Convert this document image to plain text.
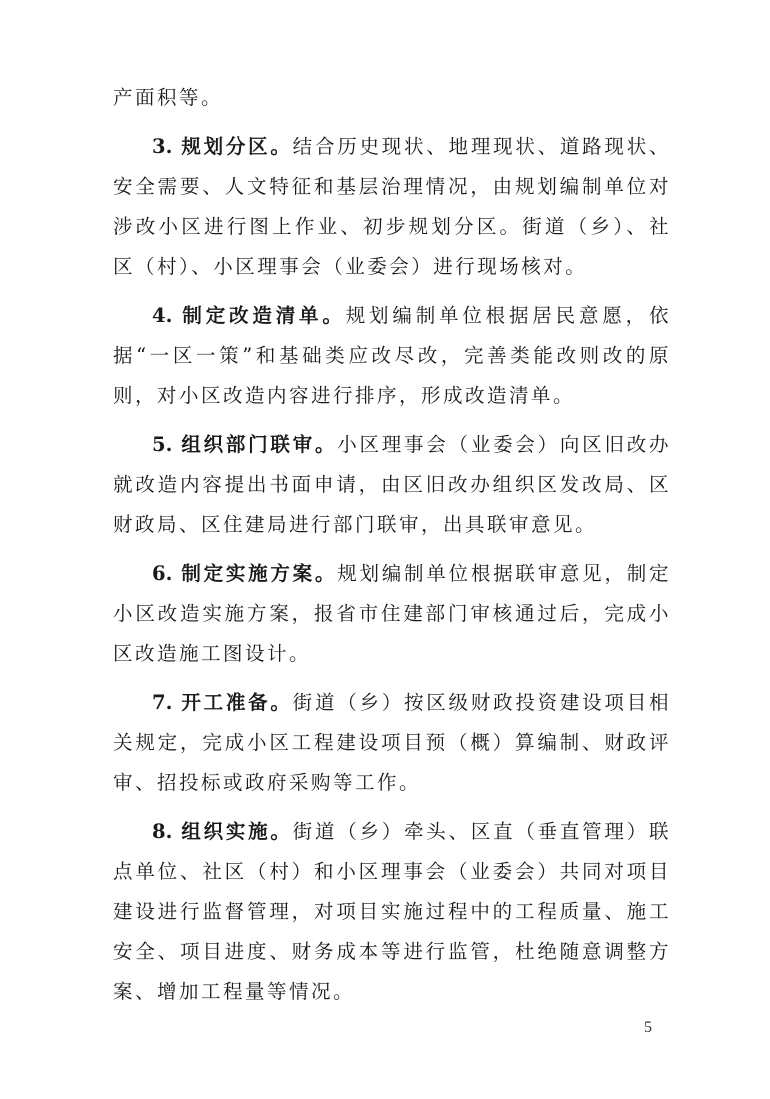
产面积等。

3. 规划分区。结合历史现状、地理现状、道路现状、安全需要、人文特征和基层治理情况，由规划编制单位对涉改小区进行图上作业、初步规划分区。街道（乡）、社区（村）、小区理事会（业委会）进行现场核对。

4. 制定改造清单。规划编制单位根据居民意愿，依据“一区一策”和基础类应改尽改，完善类能改则改的原则，对小区改造内容进行排序，形成改造清单。

5. 组织部门联审。小区理事会（业委会）向区旧改办就改造内容提出书面申请，由区旧改办组织区发改局、区财政局、区住建局进行部门联审，出具联审意见。

6. 制定实施方案。规划编制单位根据联审意见，制定小区改造实施方案，报省市住建部门审核通过后，完成小区改造施工图设计。

7. 开工准备。街道（乡）按区级财政投资建设项目相关规定，完成小区工程建设项目预（概）算编制、财政评审、招投标或政府采购等工作。

8. 组织实施。街道（乡）牵头、区直（垂直管理）联点单位、社区（村）和小区理事会（业委会）共同对项目建设进行监督管理，对项目实施过程中的工程质量、施工安全、项目进度、财务成本等进行监管，杜绝随意调整方案、增加工程量等情况。

5
